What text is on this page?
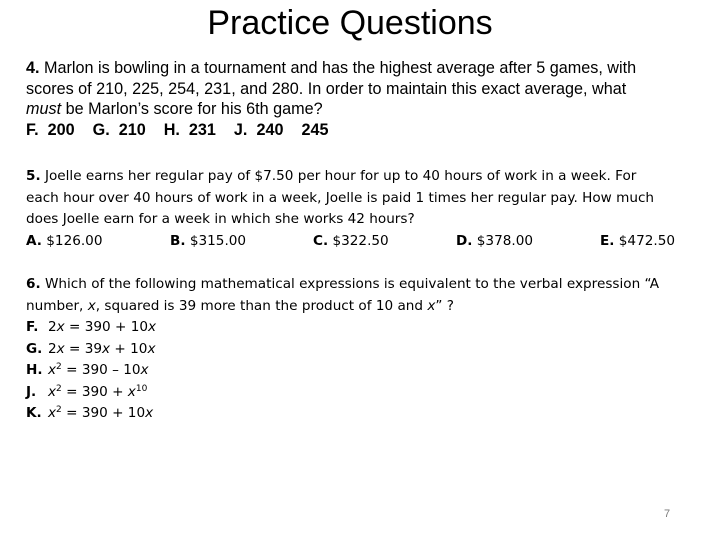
Practice Questions
4. Marlon is bowling in a tournament and has the highest average after 5 games, with
scores of 210, 225, 254, 231, and 280. In order to maintain this exact average, what
must be Marlon’s score for his 6th game?
F. 200 G. 210 H. 231 J. 240 245
5. Joelle earns her regular pay of $7.50 per hour for up to 40 hours of work in a week. For
each hour over 40 hours of work in a week, Joelle is paid 1 times her regular pay. How much
does Joelle earn for a week in which she works 42 hours?
A. $126.00	B. $315.00	C. $322.50	D. $378.00	E. $472.50
6. Which of the following mathematical expressions is equivalent to the verbal expression “A
number, x, squared is 39 more than the product of 10 and x” ?
F. 2x = 390 + 10x
G. 2x = 39x + 10x
H. $x^2 = 390 - 10x$
J. $x^2 = 390 + x^{10}$
K. $x^2 = 390 + 10x$
7
